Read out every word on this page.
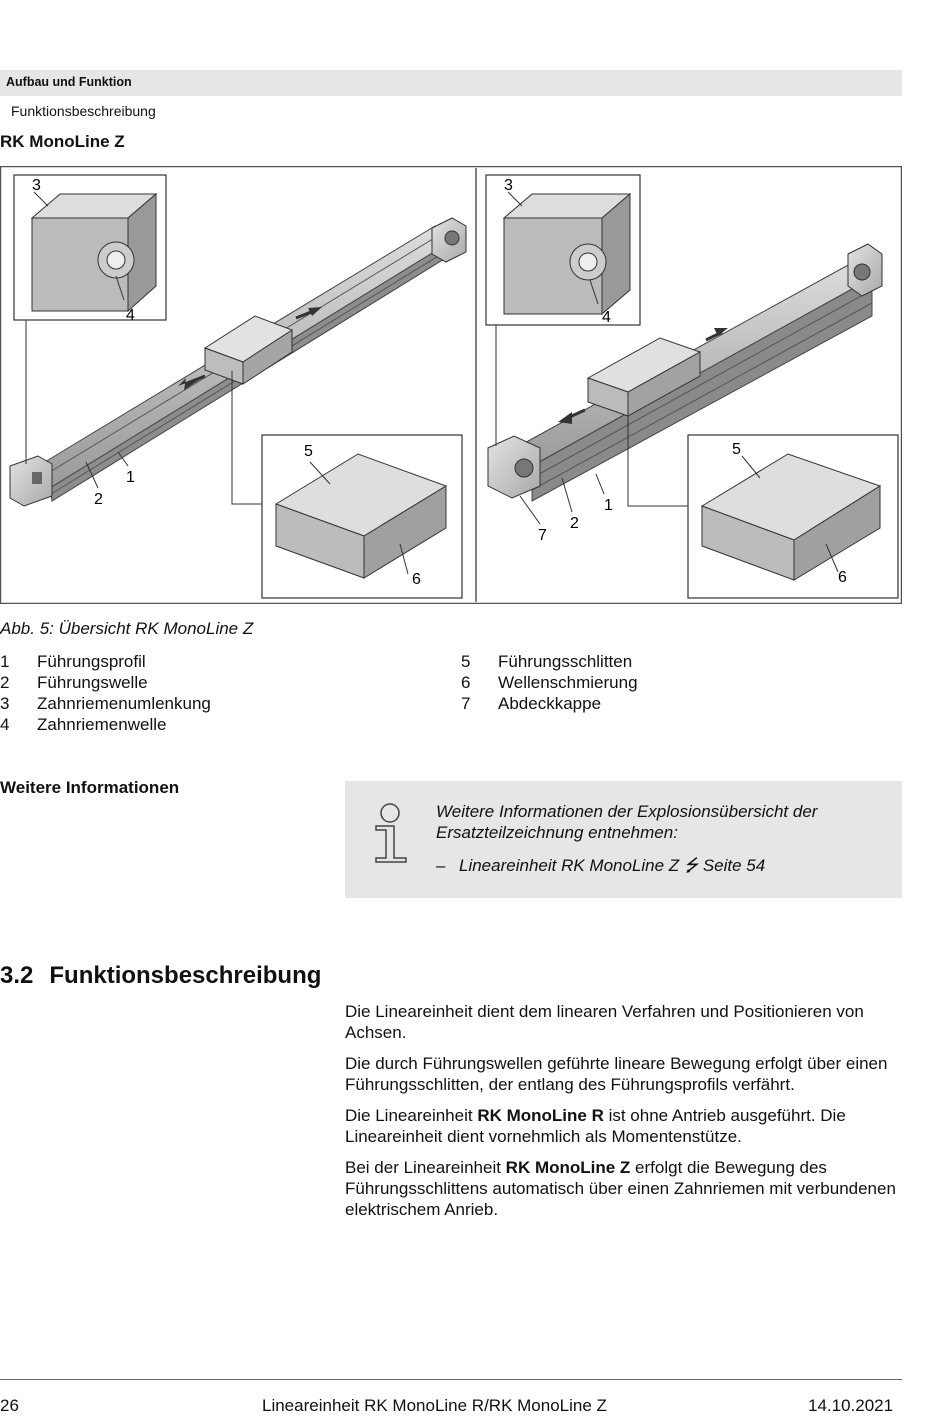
Aufbau und Funktion
Funktionsbeschreibung
RK MonoLine Z
3
4
5
6
1
2
3
4
5
6
1
2
7
Abb. 5: Übersicht RK MonoLine Z
1	Führungsprofil
2	Führungswelle
3	Zahnriemenumlenkung
4	Zahnriemenwelle
5	Führungsschlitten
6	Wellenschmierung
7	Abdeckkappe
Weitere Informationen
Weitere Informationen der Explosionsübersicht der Ersatzteilzeichnung entnehmen:
– Lineareinheit RK MonoLine Z ⭍ Seite 54
3.2 Funktionsbeschreibung

Die Lineareinheit dient dem linearen Verfahren und Positionieren von Achsen.

Die durch Führungswellen geführte lineare Bewegung erfolgt über einen Führungsschlitten, der entlang des Führungsprofils verfährt.

Die Lineareinheit RK MonoLine R ist ohne Antrieb ausgeführt. Die Lineareinheit dient vornehmlich als Momentenstütze.

Bei der Lineareinheit RK MonoLine Z erfolgt die Bewegung des Führungsschlittens automatisch über einen Zahnriemen mit verbundenen elektrischem Anrieb.

26	Lineareinheit RK MonoLine R/RK MonoLine Z	14.10.2021
